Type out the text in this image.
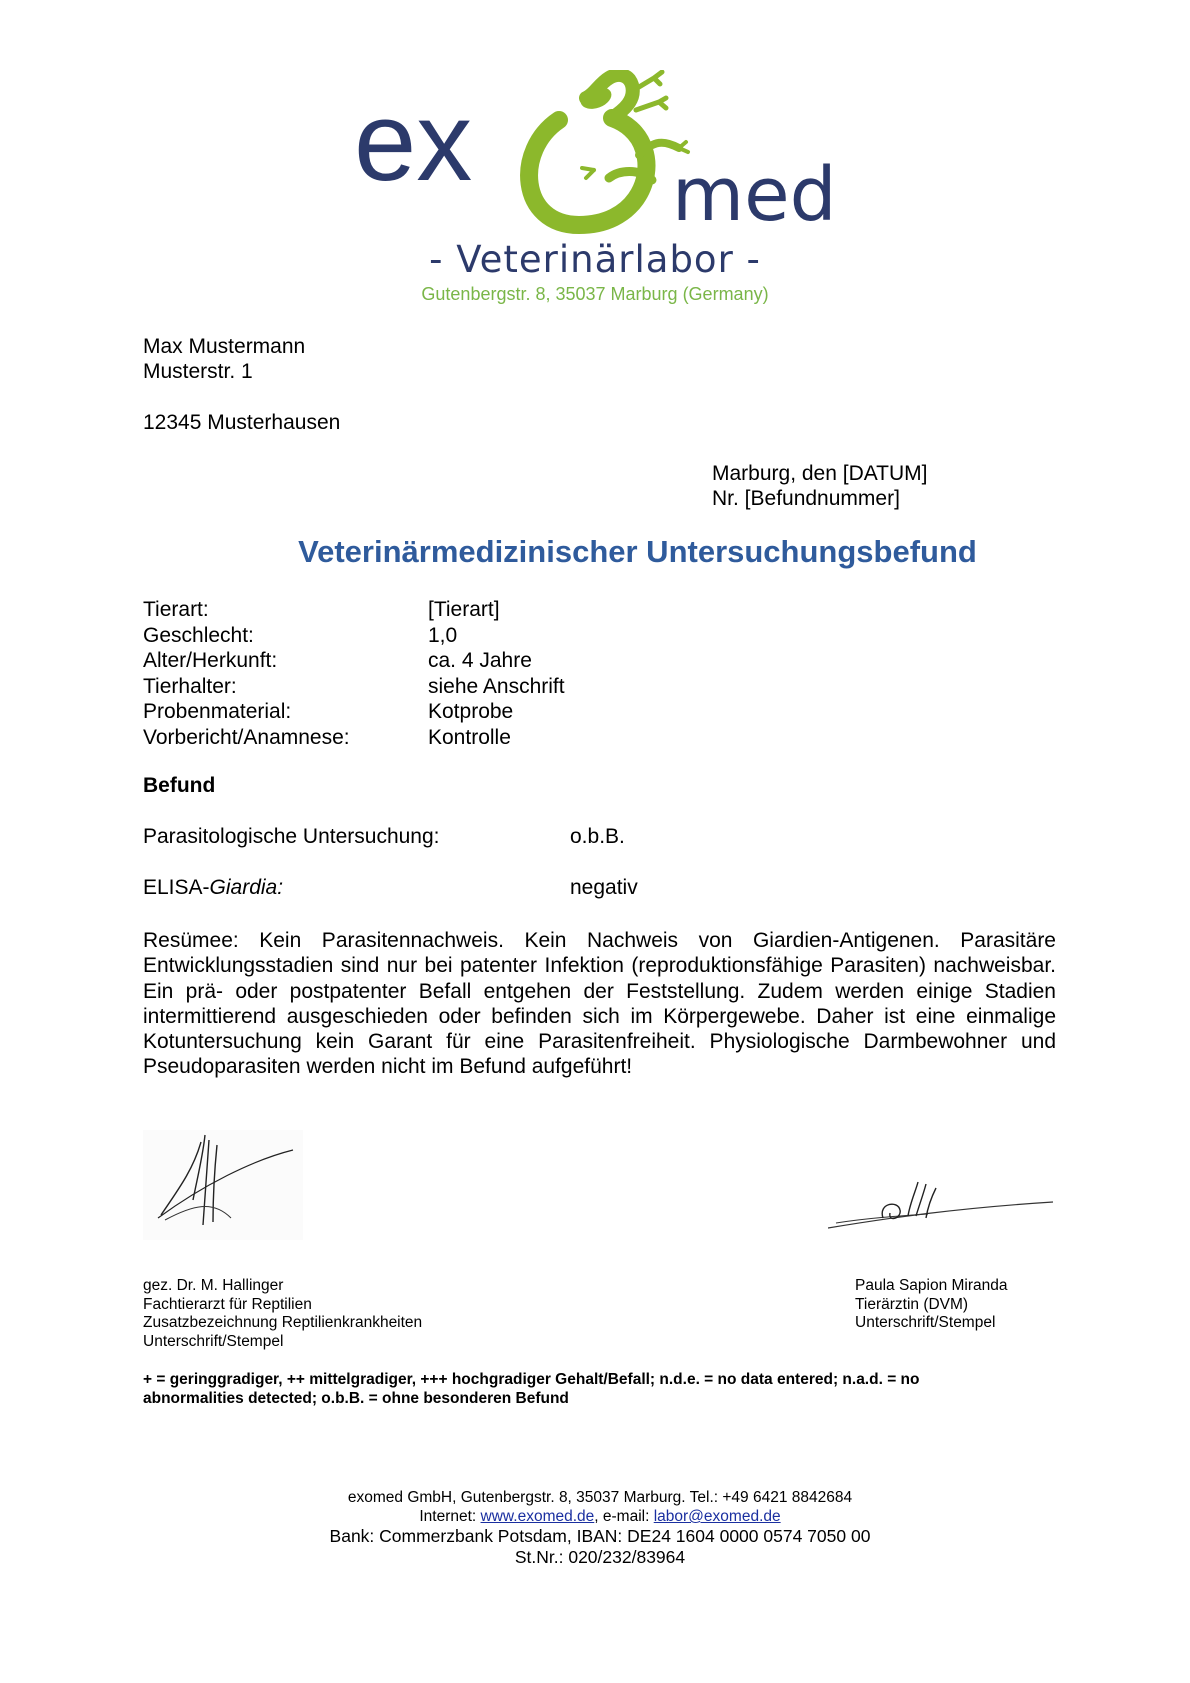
ex	med
- Veterinärlabor -
Gutenbergstr. 8, 35037 Marburg (Germany)
Max Mustermann
Musterstr. 1
12345 Musterhausen
Marburg, den [DATUM]
Nr. [Befundnummer]
Veterinärmedizinischer Untersuchungsbefund
Tierart:	[Tierart]
Geschlecht:	1,0
Alter/Herkunft:	ca. 4 Jahre
Tierhalter:	siehe Anschrift
Probenmaterial:	Kotprobe
Vorbericht/Anamnese:	Kontrolle
Befund
Parasitologische Untersuchung:	o.b.B.
ELISA-Giardia:	negativ
Resümee: Kein Parasitennachweis. Kein Nachweis von Giardien-Antigenen. Parasitäre Entwicklungsstadien sind nur bei patenter Infektion (reproduktionsfähige Parasiten) nachweisbar. Ein prä- oder postpatenter Befall entgehen der Feststellung. Zudem werden einige Stadien intermittierend ausgeschieden oder befinden sich im Körpergewebe. Daher ist eine einmalige Kotuntersuchung kein Garant für eine Parasitenfreiheit. Physiologische Darmbewohner und Pseudoparasiten werden nicht im Befund aufgeführt!
gez. Dr. M. Hallinger
Fachtierarzt für Reptilien
Zusatzbezeichnung Reptilienkrankheiten
Unterschrift/Stempel
Paula Sapion Miranda
Tierärztin (DVM)
Unterschrift/Stempel
+ = geringgradiger, ++ mittelgradiger, +++ hochgradiger Gehalt/Befall; n.d.e. = no data entered; n.a.d. = no
abnormalities detected; o.b.B. = ohne besonderen Befund
exomed GmbH, Gutenbergstr. 8, 35037 Marburg. Tel.: +49 6421 8842684
Internet: www.exomed.de, e-mail: labor@exomed.de
Bank: Commerzbank Potsdam, IBAN: DE24 1604 0000 0574 7050 00
St.Nr.: 020/232/83964
